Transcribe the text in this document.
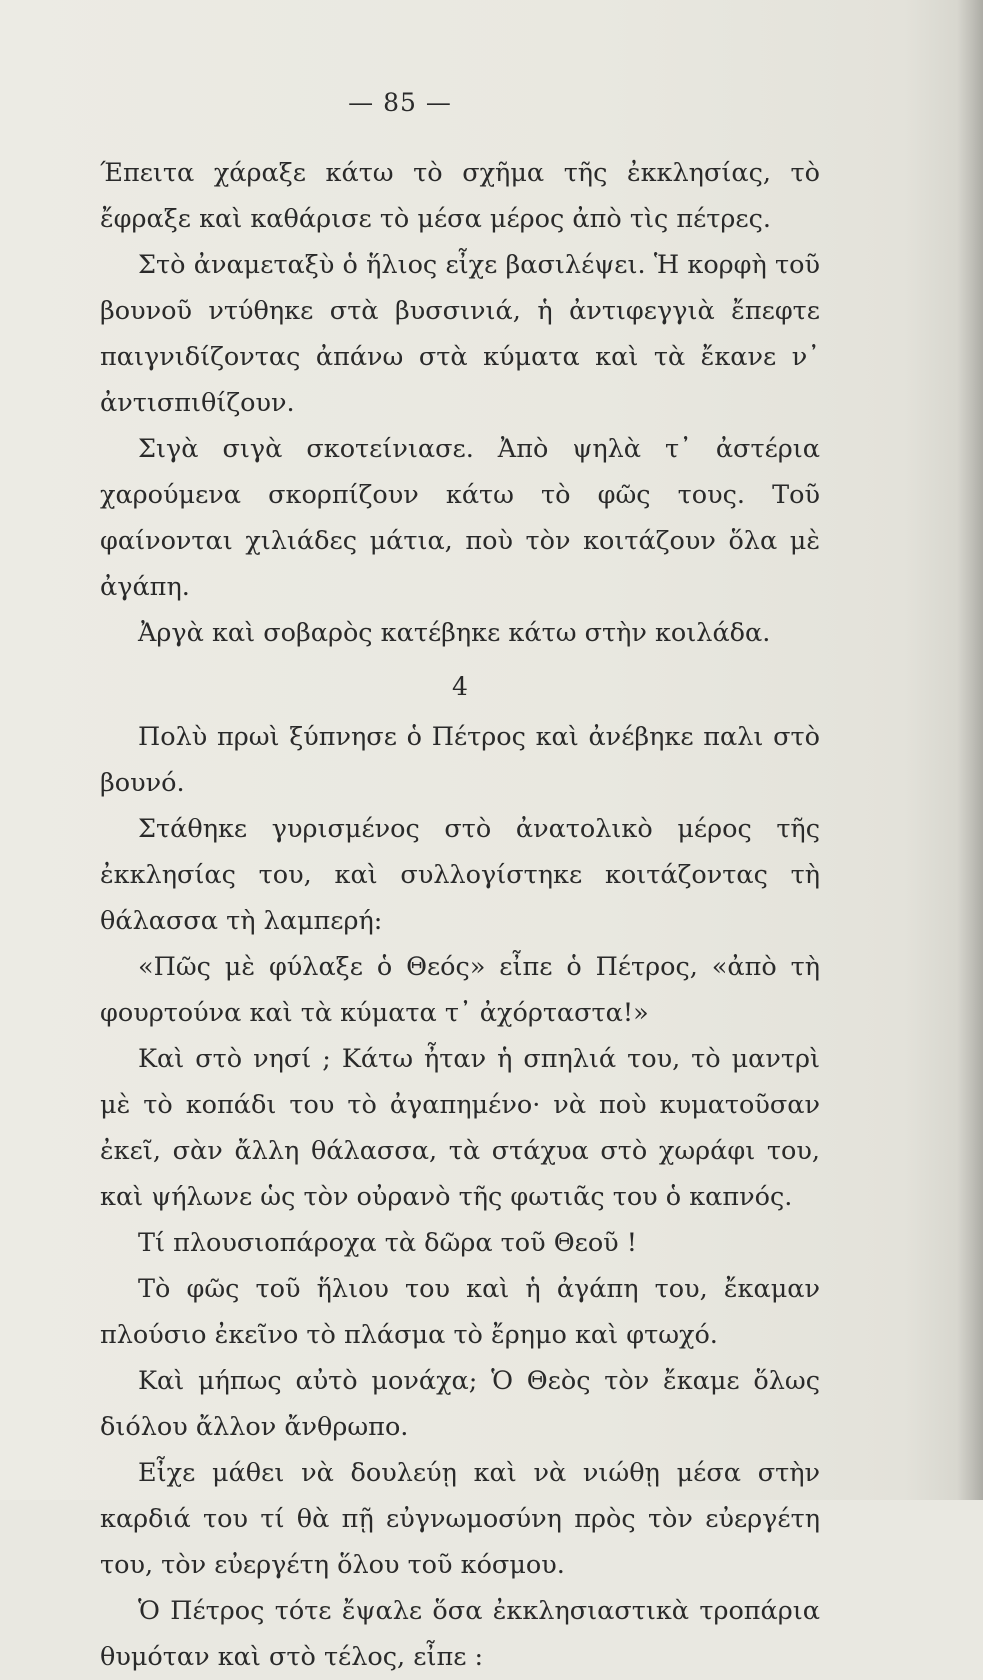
— 85 —

Έπειτα χάραξε κάτω τὸ σχῆμα τῆς ἐκκλησίας, τὸ ἔφραξε καὶ καθάρισε τὸ μέσα μέρος ἀπὸ τὶς πέτρες.

Στὸ ἀναμεταξὺ ὁ ἥλιος εἶχε βασιλέψει. Ἡ κορφὴ τοῦ βουνοῦ ντύθηκε στὰ βυσσινιά, ἡ ἀντιφεγγιὰ ἔπεφτε παιγνιδίζοντας ἀπάνω στὰ κύματα καὶ τὰ ἔκανε ν᾿ ἀντισπιθίζουν.

Σιγὰ σιγὰ σκοτείνιασε. Ἀπὸ ψηλὰ τ᾿ ἀστέρια χαρούμενα σκορπίζουν κάτω τὸ φῶς τους. Τοῦ φαίνονται χιλιάδες μάτια, ποὺ τὸν κοιτάζουν ὅλα μὲ ἀγάπη.

Ἀργὰ καὶ σοβαρὸς κατέβηκε κάτω στὴν κοιλάδα.

4

Πολὺ πρωὶ ξύπνησε ὁ Πέτρος καὶ ἀνέβηκε παλι στὸ βουνό.

Στάθηκε γυρισμένος στὸ ἀνατολικὸ μέρος τῆς ἐκκλησίας του, καὶ συλλογίστηκε κοιτάζοντας τὴ θάλασσα τὴ λαμπερή:

«Πῶς μὲ φύλαξε ὁ Θεός» εἶπε ὁ Πέτρος, «ἀπὸ τὴ φουρτούνα καὶ τὰ κύματα τ᾿ ἀχόρταστα!»

Καὶ στὸ νησί ; Κάτω ἦταν ἡ σπηλιά του, τὸ μαντρὶ μὲ τὸ κοπάδι του τὸ ἀγαπημένο· νὰ ποὺ κυματοῦσαν ἐκεῖ, σὰν ἄλλη θάλασσα, τὰ στάχυα στὸ χωράφι του, καὶ ψήλωνε ὡς τὸν οὐρανὸ τῆς φωτιᾶς του ὁ καπνός.

Τί πλουσιοπάροχα τὰ δῶρα τοῦ Θεοῦ !

Τὸ φῶς τοῦ ἥλιου του καὶ ἡ ἀγάπη του, ἔκαμαν πλούσιο ἐκεῖνο τὸ πλάσμα τὸ ἔρημο καὶ φτωχό.

Καὶ μήπως αὐτὸ μονάχα; Ὁ Θεὸς τὸν ἔκαμε ὅλως διόλου ἄλλον ἄνθρωπο.

Εἶχε μάθει νὰ δουλεύῃ καὶ νὰ νιώθῃ μέσα στὴν καρδιά του τί θὰ πῇ εὐγνωμοσύνη πρὸς τὸν εὐεργέτη του, τὸν εὐεργέτη ὅλου τοῦ κόσμου.

Ὁ Πέτρος τότε ἔψαλε ὅσα ἐκκλησιαστικὰ τροπάρια θυμόταν καὶ στὸ τέλος, εἶπε :
